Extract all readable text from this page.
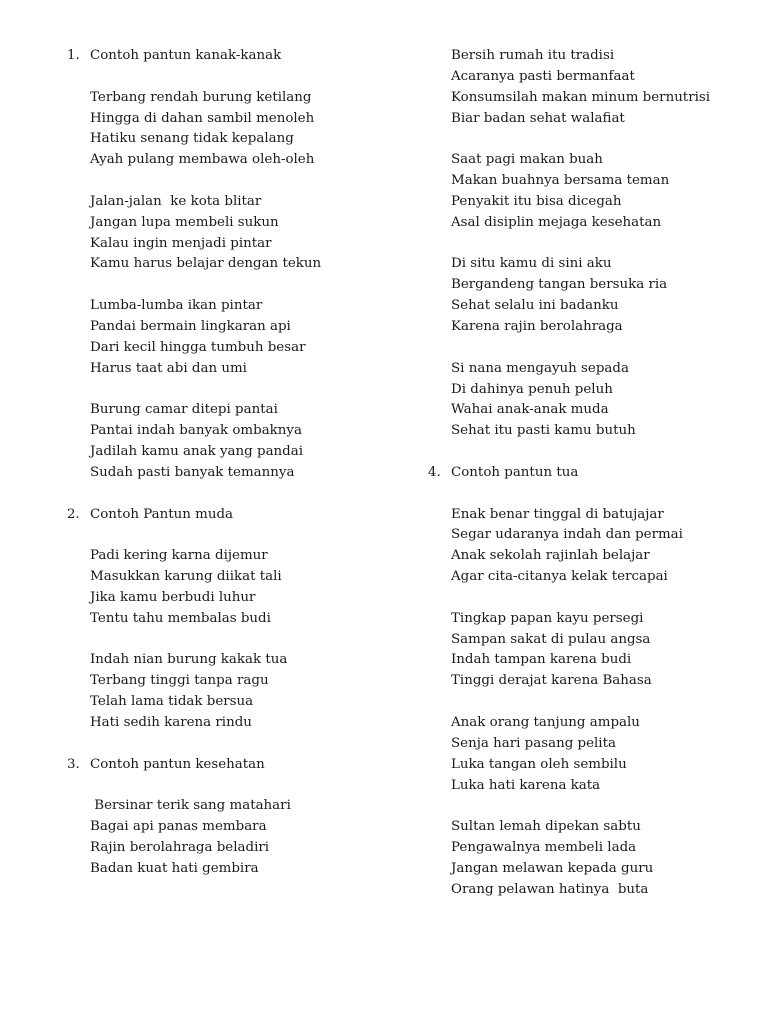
1. Contoh pantun kanak-kanak
Terbang rendah burung ketilang
Hingga di dahan sambil menoleh
Hatiku senang tidak kepalang
Ayah pulang membawa oleh-oleh
Jalan-jalan  ke kota blitar
Jangan lupa membeli sukun
Kalau ingin menjadi pintar
Kamu harus belajar dengan tekun
Lumba-lumba ikan pintar
Pandai bermain lingkaran api
Dari kecil hingga tumbuh besar
Harus taat abi dan umi
Burung camar ditepi pantai
Pantai indah banyak ombaknya
Jadilah kamu anak yang pandai
Sudah pasti banyak temannya
2. Contoh Pantun muda
Padi kering karna dijemur
Masukkan karung diikat tali
Jika kamu berbudi luhur
Tentu tahu membalas budi
Indah nian burung kakak tua
Terbang tinggi tanpa ragu
Telah lama tidak bersua
Hati sedih karena rindu
3. Contoh pantun kesehatan
Bersinar terik sang matahari
Bagai api panas membara
Rajin berolahraga beladiri
Badan kuat hati gembira
Bersih rumah itu tradisi
Acaranya pasti bermanfaat
Konsumsilah makan minum bernutrisi
Biar badan sehat walafiat
Saat pagi makan buah
Makan buahnya bersama teman
Penyakit itu bisa dicegah
Asal disiplin mejaga kesehatan
Di situ kamu di sini aku
Bergandeng tangan bersuka ria
Sehat selalu ini badanku
Karena rajin berolahraga
Si nana mengayuh sepada
Di dahinya penuh peluh
Wahai anak-anak muda
Sehat itu pasti kamu butuh
4. Contoh pantun tua
Enak benar tinggal di batujajar
Segar udaranya indah dan permai
Anak sekolah rajinlah belajar
Agar cita-citanya kelak tercapai
Tingkap papan kayu persegi
Sampan sakat di pulau angsa
Indah tampan karena budi
Tinggi derajat karena Bahasa
Anak orang tanjung ampalu
Senja hari pasang pelita
Luka tangan oleh sembilu
Luka hati karena kata
Sultan lemah dipekan sabtu
Pengawalnya membeli lada
Jangan melawan kepada guru
Orang pelawan hatinya  buta
